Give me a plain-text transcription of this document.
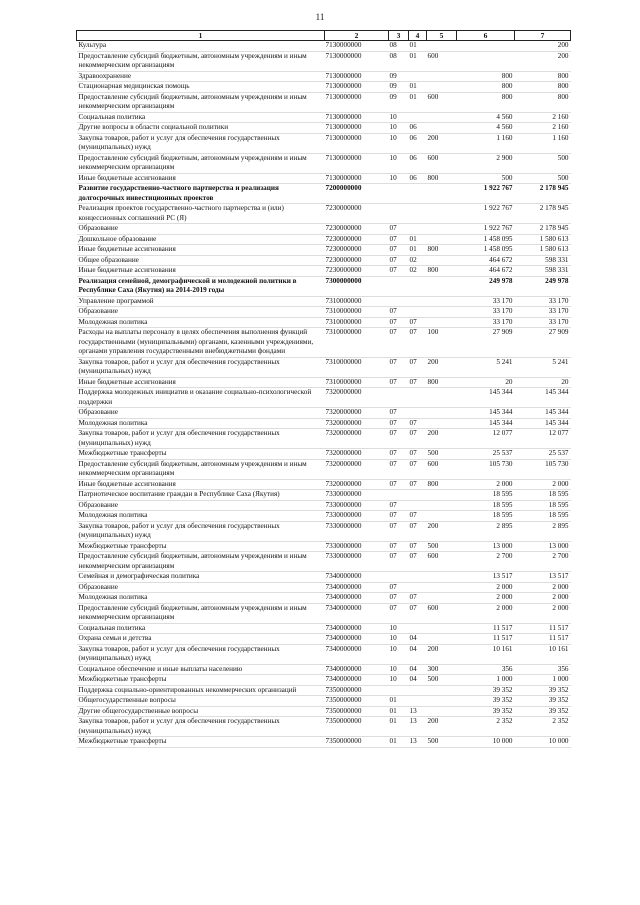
11
1	2	3	4	5	6	7
Культура	7130000000	08	01			200
Предоставление субсидий бюджетным, автономным учреждениям и иным некоммерческим организациям	7130000000	08	01	600		200
Здравоохранение	7130000000	09			800	800
Стационарная медицинская помощь	7130000000	09	01		800	800
Предоставление субсидий бюджетным, автономным учреждениям и иным некоммерческим организациям	7130000000	09	01	600	800	800
Социальная политика	7130000000	10			4 560	2 160
Другие вопросы в области социальной политики	7130000000	10	06		4 560	2 160
Закупка товаров, работ и услуг для обеспечения государственных (муниципальных) нужд	7130000000	10	06	200	1 160	1 160
Предоставление субсидий бюджетным, автономным учреждениям и иным некоммерческим организациям	7130000000	10	06	600	2 900	500
Иные бюджетные ассигнования	7130000000	10	06	800	500	500
Развитие государственно-частного партнерства и реализация долгосрочных инвестиционных проектов	7200000000				1 922 767	2 178 945
Реализация проектов государственно-частного партнерства и (или) концессионных соглашений РС (Я)	7230000000				1 922 767	2 178 945
Образование	7230000000	07			1 922 767	2 178 945
Дошкольное образование	7230000000	07	01		1 458 095	1 580 613
Иные бюджетные ассигнования	7230000000	07	01	800	1 458 095	1 580 613
Общее образование	7230000000	07	02		464 672	598 331
Иные бюджетные ассигнования	7230000000	07	02	800	464 672	598 331
Реализация семейной, демографической и молодежной политики в Республике Саха (Якутия) на 2014-2019 годы	7300000000				249 978	249 978
Управление программой	7310000000				33 170	33 170
Образование	7310000000	07			33 170	33 170
Молодежная политика	7310000000	07	07		33 170	33 170
Расходы на выплаты персоналу в целях обеспечения выполнения функций государственными (муниципальными) органами, казенными учреждениями, органами управления государственными внебюджетными фондами	7310000000	07	07	100	27 909	27 909
Закупка товаров, работ и услуг для обеспечения государственных (муниципальных) нужд	7310000000	07	07	200	5 241	5 241
Иные бюджетные ассигнования	7310000000	07	07	800	20	20
Поддержка молодежных инициатив и оказание социально-психологической поддержки	7320000000				145 344	145 344
Образование	7320000000	07			145 344	145 344
Молодежная политика	7320000000	07	07		145 344	145 344
Закупка товаров, работ и услуг для обеспечения государственных (муниципальных) нужд	7320000000	07	07	200	12 077	12 077
Межбюджетные трансферты	7320000000	07	07	500	25 537	25 537
Предоставление субсидий бюджетным, автономным учреждениям и иным некоммерческим организациям	7320000000	07	07	600	105 730	105 730
Иные бюджетные ассигнования	7320000000	07	07	800	2 000	2 000
Патриотическое воспитание граждан в Республике Саха (Якутия)	7330000000				18 595	18 595
Образование	7330000000	07			18 595	18 595
Молодежная политика	7330000000	07	07		18 595	18 595
Закупка товаров, работ и услуг для обеспечения государственных (муниципальных) нужд	7330000000	07	07	200	2 895	2 895
Межбюджетные трансферты	7330000000	07	07	500	13 000	13 000
Предоставление субсидий бюджетным, автономным учреждениям и иным некоммерческим организациям	7330000000	07	07	600	2 700	2 700
Семейная и демографическая политика	7340000000				13 517	13 517
Образование	7340000000	07			2 000	2 000
Молодежная политика	7340000000	07	07		2 000	2 000
Предоставление субсидий бюджетным, автономным учреждениям и иным некоммерческим организациям	7340000000	07	07	600	2 000	2 000
Социальная политика	7340000000	10			11 517	11 517
Охрана семьи и детства	7340000000	10	04		11 517	11 517
Закупка товаров, работ и услуг для обеспечения государственных (муниципальных) нужд	7340000000	10	04	200	10 161	10 161
Социальное обеспечение и иные выплаты населению	7340000000	10	04	300	356	356
Межбюджетные трансферты	7340000000	10	04	500	1 000	1 000
Поддержка социально-ориентированных некоммерческих организаций	7350000000				39 352	39 352
Общегосударственные вопросы	7350000000	01			39 352	39 352
Другие общегосударственные вопросы	7350000000	01	13		39 352	39 352
Закупка товаров, работ и услуг для обеспечения государственных (муниципальных) нужд	7350000000	01	13	200	2 352	2 352
Межбюджетные трансферты	7350000000	01	13	500	10 000	10 000
